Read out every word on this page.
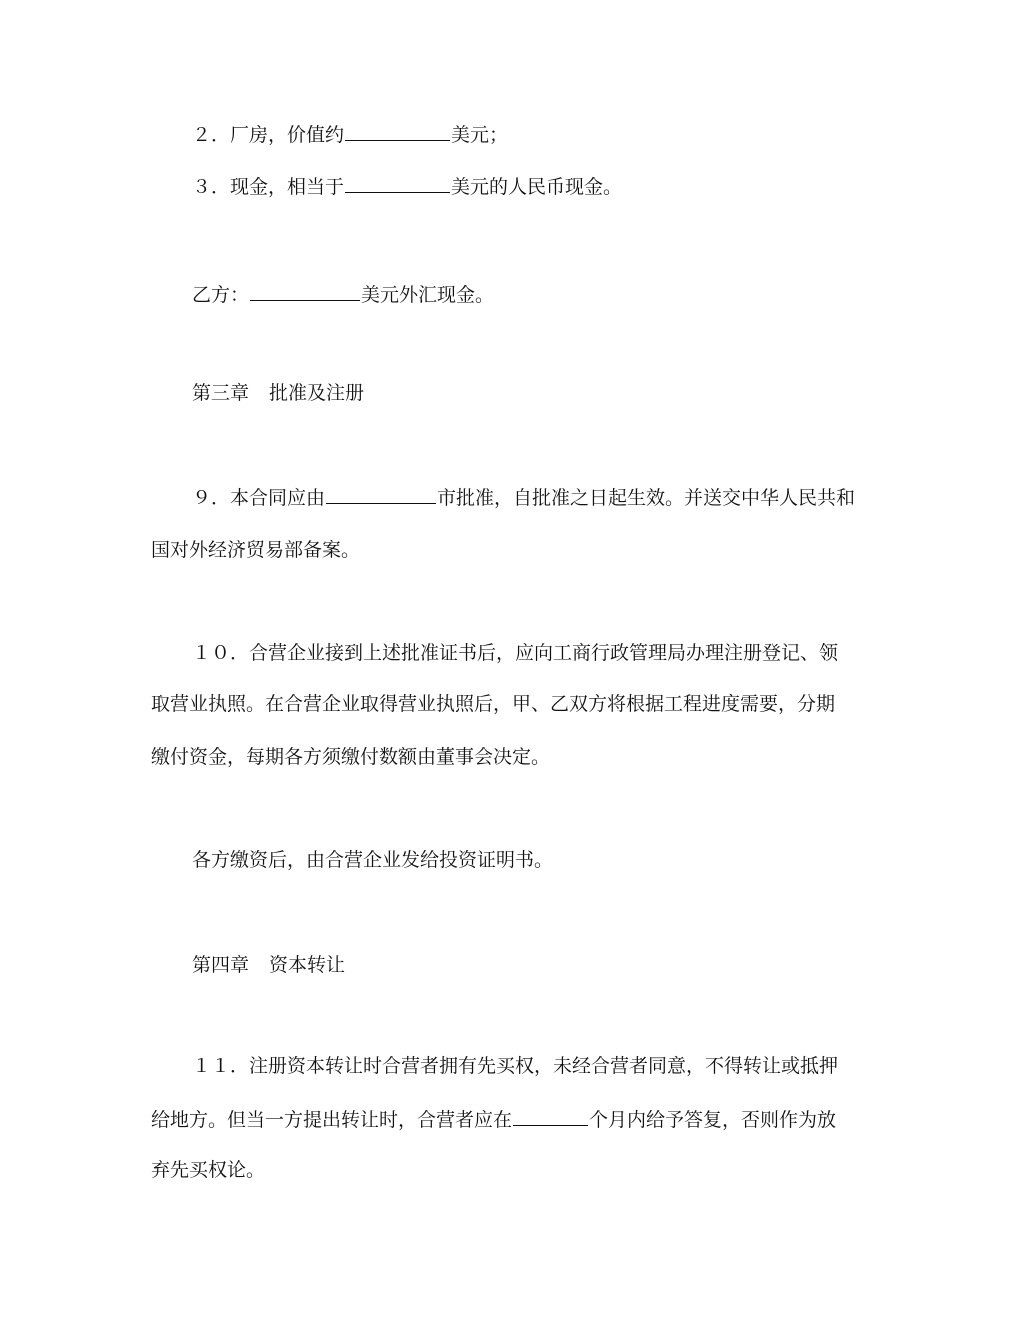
２．厂房，价值约	美元；
３．现金，相当于	美元的人民币现金。
乙方：	美元外汇现金。
第三章 批准及注册
９．本合同应由	市批准，自批准之日起生效。并送交中华人民共和
国对外经济贸易部备案。
１０．合营企业接到上述批准证书后，应向工商行政管理局办理注册登记、领
取营业执照。在合营企业取得营业执照后，甲、乙双方将根据工程进度需要，分期
缴付资金，每期各方须缴付数额由董事会决定。
各方缴资后，由合营企业发给投资证明书。
第四章 资本转让
１１．注册资本转让时合营者拥有先买权，未经合营者同意，不得转让或抵押
给地方。但当一方提出转让时，合营者应在	个月内给予答复，否则作为放
弃先买权论。
